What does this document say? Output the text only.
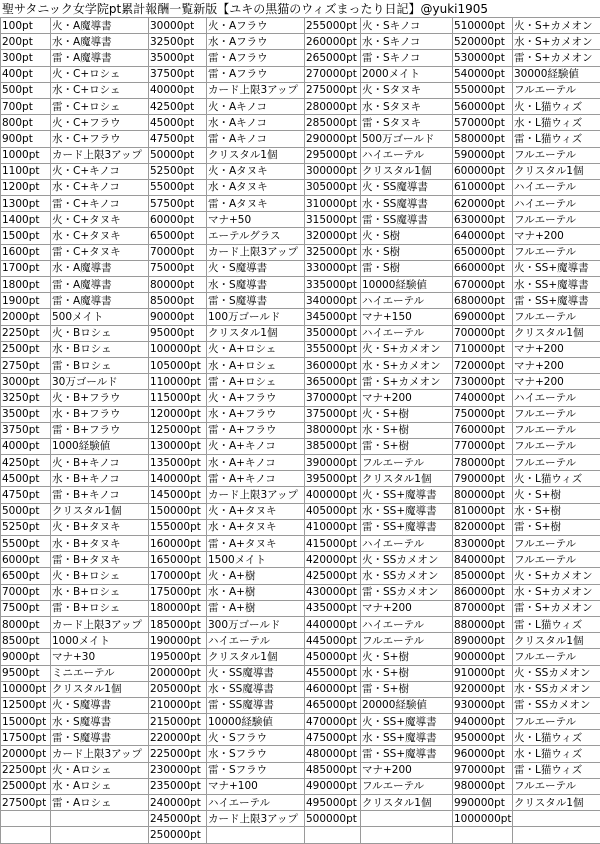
聖サタニック女学院pt累計報酬一覧新版【ユキの黒猫のウィズまったり日記】@yuki1905
100pt	火・A魔導書	30000pt	火・Aフラウ	255000pt	火・Sキノコ	510000pt	火・S+カメオン
200pt	水・A魔導書	32500pt	水・Aフラウ	260000pt	水・Sキノコ	520000pt	水・S+カメオン
300pt	雷・A魔導書	35000pt	雷・Aフラウ	265000pt	雷・Sキノコ	530000pt	雷・S+カメオン
400pt	火・C+ロシェ	37500pt	雷・Aフラウ	270000pt	2000メイト	540000pt	30000経験値
500pt	水・C+ロシェ	40000pt	カード上限3アップ	275000pt	火・Sタヌキ	550000pt	フルエーテル
700pt	雷・C+ロシェ	42500pt	火・Aキノコ	280000pt	水・Sタヌキ	560000pt	火・L猫ウィズ
800pt	火・C+フラウ	45000pt	水・Aキノコ	285000pt	雷・Sタヌキ	570000pt	水・L猫ウィズ
900pt	水・C+フラウ	47500pt	雷・Aキノコ	290000pt	500万ゴールド	580000pt	雷・L猫ウィズ
1000pt	カード上限3アップ	50000pt	クリスタル1個	295000pt	ハイエーテル	590000pt	フルエーテル
1100pt	火・C+キノコ	52500pt	火・Aタヌキ	300000pt	クリスタル1個	600000pt	クリスタル1個
1200pt	水・C+キノコ	55000pt	水・Aタヌキ	305000pt	火・SS魔導書	610000pt	ハイエーテル
1300pt	雷・C+キノコ	57500pt	雷・Aタヌキ	310000pt	水・SS魔導書	620000pt	ハイエーテル
1400pt	火・C+タヌキ	60000pt	マナ+50	315000pt	雷・SS魔導書	630000pt	フルエーテル
1500pt	水・C+タヌキ	65000pt	エーテルグラス	320000pt	火・S樹	640000pt	マナ+200
1600pt	雷・C+タヌキ	70000pt	カード上限3アップ	325000pt	水・S樹	650000pt	フルエーテル
1700pt	水・A魔導書	75000pt	火・S魔導書	330000pt	雷・S樹	660000pt	火・SS+魔導書
1800pt	雷・A魔導書	80000pt	水・S魔導書	335000pt	10000経験値	670000pt	水・SS+魔導書
1900pt	雷・A魔導書	85000pt	雷・S魔導書	340000pt	ハイエーテル	680000pt	雷・SS+魔導書
2000pt	500メイト	90000pt	100万ゴールド	345000pt	マナ+150	690000pt	フルエーテル
2250pt	火・Bロシェ	95000pt	クリスタル1個	350000pt	ハイエーテル	700000pt	クリスタル1個
2500pt	水・Bロシェ	100000pt	火・A+ロシェ	355000pt	火・S+カメオン	710000pt	マナ+200
2750pt	雷・Bロシェ	105000pt	水・A+ロシェ	360000pt	水・S+カメオン	720000pt	マナ+200
3000pt	30万ゴールド	110000pt	雷・A+ロシェ	365000pt	雷・S+カメオン	730000pt	マナ+200
3250pt	火・B+フラウ	115000pt	火・A+フラウ	370000pt	マナ+200	740000pt	ハイエーテル
3500pt	水・B+フラウ	120000pt	水・A+フラウ	375000pt	火・S+樹	750000pt	フルエーテル
3750pt	雷・B+フラウ	125000pt	雷・A+フラウ	380000pt	水・S+樹	760000pt	フルエーテル
4000pt	1000経験値	130000pt	火・A+キノコ	385000pt	雷・S+樹	770000pt	フルエーテル
4250pt	火・B+キノコ	135000pt	水・A+キノコ	390000pt	フルエーテル	780000pt	フルエーテル
4500pt	水・B+キノコ	140000pt	雷・A+キノコ	395000pt	クリスタル1個	790000pt	火・L猫ウィズ
4750pt	雷・B+キノコ	145000pt	カード上限3アップ	400000pt	火・SS+魔導書	800000pt	火・S+樹
5000pt	クリスタル1個	150000pt	火・A+タヌキ	405000pt	水・SS+魔導書	810000pt	水・S+樹
5250pt	火・B+タヌキ	155000pt	水・A+タヌキ	410000pt	雷・SS+魔導書	820000pt	雷・S+樹
5500pt	水・B+タヌキ	160000pt	雷・A+タヌキ	415000pt	ハイエーテル	830000pt	フルエーテル
6000pt	雷・B+タヌキ	165000pt	1500メイト	420000pt	火・SSカメオン	840000pt	フルエーテル
6500pt	火・B+ロシェ	170000pt	火・A+樹	425000pt	水・SSカメオン	850000pt	火・S+カメオン
7000pt	水・B+ロシェ	175000pt	水・A+樹	430000pt	雷・SSカメオン	860000pt	水・S+カメオン
7500pt	雷・B+ロシェ	180000pt	雷・A+樹	435000pt	マナ+200	870000pt	雷・S+カメオン
8000pt	カード上限3アップ	185000pt	300万ゴールド	440000pt	ハイエーテル	880000pt	雷・L猫ウィズ
8500pt	1000メイト	190000pt	ハイエーテル	445000pt	フルエーテル	890000pt	クリスタル1個
9000pt	マナ+30	195000pt	クリスタル1個	450000pt	火・S+樹	900000pt	フルエーテル
9500pt	ミニエーテル	200000pt	火・SS魔導書	455000pt	水・S+樹	910000pt	火・SSカメオン
10000pt	クリスタル1個	205000pt	水・SS魔導書	460000pt	雷・S+樹	920000pt	水・SSカメオン
12500pt	火・S魔導書	210000pt	雷・SS魔導書	465000pt	20000経験値	930000pt	雷・SSカメオン
15000pt	水・S魔導書	215000pt	10000経験値	470000pt	火・SS+魔導書	940000pt	フルエーテル
17500pt	雷・S魔導書	220000pt	火・Sフラウ	475000pt	水・SS+魔導書	950000pt	火・L猫ウィズ
20000pt	カード上限3アップ	225000pt	水・Sフラウ	480000pt	雷・SS+魔導書	960000pt	水・L猫ウィズ
22500pt	火・Aロシェ	230000pt	雷・Sフラウ	485000pt	マナ+200	970000pt	雷・L猫ウィズ
25000pt	水・Aロシェ	235000pt	マナ+100	490000pt	フルエーテル	980000pt	フルエーテル
27500pt	雷・Aロシェ	240000pt	ハイエーテル	495000pt	クリスタル1個	990000pt	クリスタル1個
		245000pt	カード上限3アップ	500000pt		1000000pt	
		250000pt					
